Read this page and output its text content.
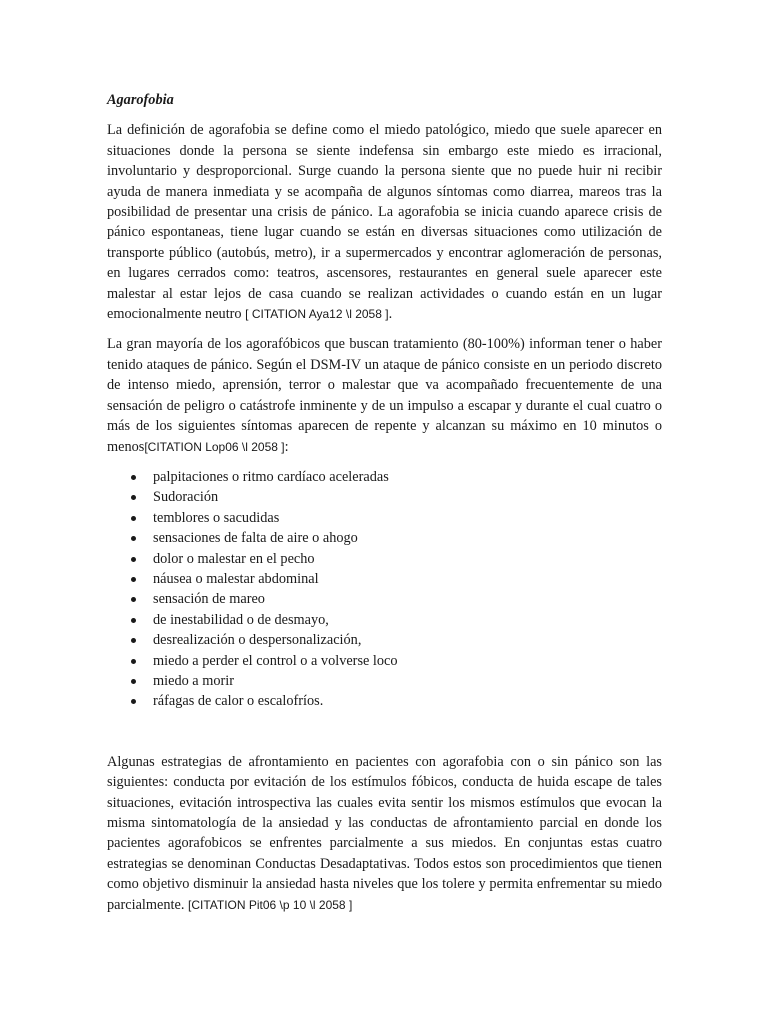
Agarofobia

La definición de agorafobia se define como el miedo patológico, miedo que suele aparecer en situaciones donde la persona se siente indefensa sin embargo este miedo es irracional, involuntario y desproporcional. Surge cuando la persona siente que no puede huir ni recibir ayuda de manera inmediata y se acompaña de algunos síntomas como diarrea, mareos tras la posibilidad de presentar una crisis de pánico. La agorafobia se inicia cuando aparece crisis de pánico espontaneas, tiene lugar cuando se están en diversas situaciones como utilización de transporte público (autobús, metro), ir a supermercados y encontrar aglomeración de personas, en lugares cerrados como: teatros, ascensores, restaurantes en general suele aparecer este malestar al estar lejos de casa cuando se realizan actividades o cuando están en un lugar emocionalmente neutro [ CITATION Aya12 \l 2058 ].

La gran mayoría de los agorafóbicos que buscan tratamiento (80-100%) informan tener o haber tenido ataques de pánico. Según el DSM-IV un ataque de pánico consiste en un periodo discreto de intenso miedo, aprensión, terror o malestar que va acompañado frecuentemente de una sensación de peligro o catástrofe inminente y de un impulso a escapar y durante el cual cuatro o más de los siguientes síntomas aparecen de repente y alcanzan su máximo en 10 minutos o menos[CITATION Lop06 \l 2058 ]:

palpitaciones o ritmo cardíaco aceleradas
Sudoración
temblores o sacudidas
sensaciones de falta de aire o ahogo
dolor o malestar en el pecho
náusea o malestar abdominal
sensación de mareo
de inestabilidad o de desmayo,
desrealización o despersonalización,
miedo a perder el control o a volverse loco
miedo a morir
ráfagas de calor o escalofríos.

Algunas estrategias de afrontamiento en pacientes con agorafobia con o sin pánico son las siguientes: conducta por evitación de los estímulos fóbicos, conducta de huida escape de tales situaciones, evitación introspectiva las cuales evita sentir los mismos estímulos que evocan la misma sintomatología de la ansiedad y las conductas de afrontamiento parcial en donde los pacientes agorafobicos se enfrentes parcialmente a sus miedos. En conjuntas estas cuatro estrategias se denominan Conductas Desadaptativas. Todos estos son procedimientos que tienen como objetivo disminuir la ansiedad hasta niveles que los tolere y permita enfrementar su miedo parcialmente. [CITATION Pit06 \p 10 \l 2058 ]
